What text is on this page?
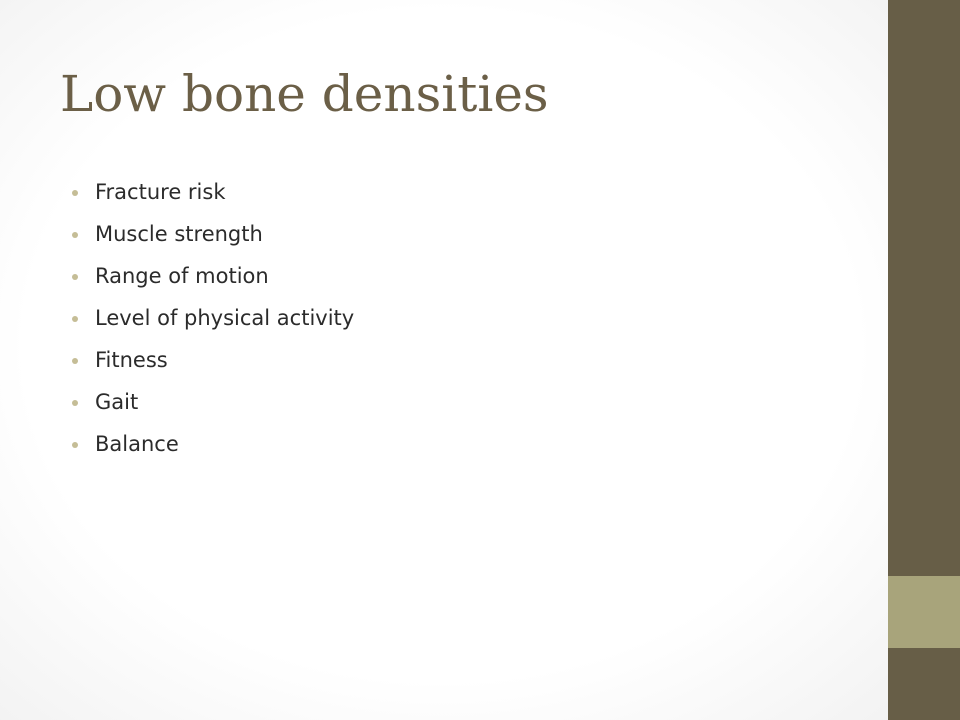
Low bone densities
Fracture risk
Muscle strength
Range of motion
Level of physical activity
Fitness
Gait
Balance
